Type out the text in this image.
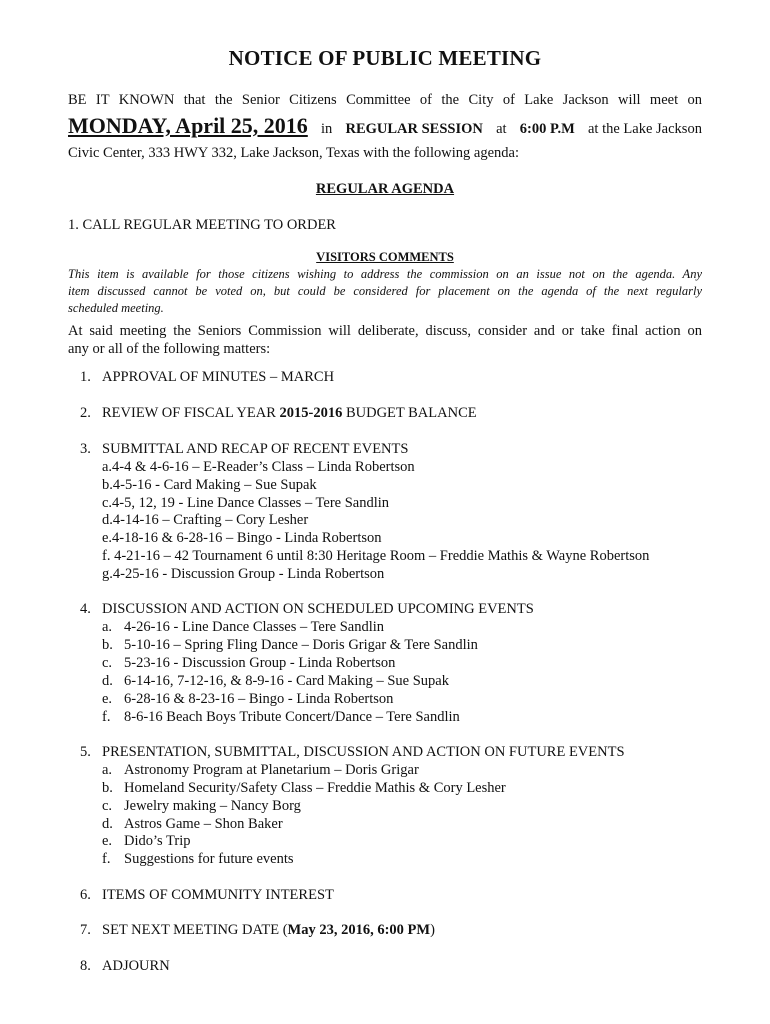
NOTICE OF PUBLIC MEETING
BE IT KNOWN that the Senior Citizens Committee of the City of Lake Jackson will meet on
MONDAY, April 25, 2016 in REGULAR SESSION at 6:00 P.M at the Lake Jackson
Civic Center, 333 HWY 332, Lake Jackson, Texas with the following agenda:
REGULAR AGENDA
1. CALL REGULAR MEETING TO ORDER
VISITORS COMMENTS
This item is available for those citizens wishing to address the commission on an issue not on the agenda. Any
item discussed cannot be voted on, but could be considered for placement on the agenda of the next regularly
scheduled meeting.
At said meeting the Seniors Commission will deliberate, discuss, consider and or take final action on
any or all of the following matters:
1. APPROVAL OF MINUTES – MARCH
2. REVIEW OF FISCAL YEAR 2015-2016 BUDGET BALANCE
3. SUBMITTAL AND RECAP OF RECENT EVENTS
a.4-4 & 4-6-16 – E-Reader’s Class – Linda Robertson
b.4-5-16 - Card Making – Sue Supak
c.4-5, 12, 19 - Line Dance Classes – Tere Sandlin
d.4-14-16 – Crafting – Cory Lesher
e.4-18-16 & 6-28-16 – Bingo - Linda Robertson
f. 4-21-16 – 42 Tournament 6 until 8:30 Heritage Room – Freddie Mathis & Wayne Robertson
g.4-25-16 - Discussion Group - Linda Robertson
4. DISCUSSION AND ACTION ON SCHEDULED UPCOMING EVENTS
a. 4-26-16 - Line Dance Classes – Tere Sandlin
b. 5-10-16 – Spring Fling Dance – Doris Grigar & Tere Sandlin
c. 5-23-16 - Discussion Group - Linda Robertson
d. 6-14-16, 7-12-16, & 8-9-16 - Card Making – Sue Supak
e. 6-28-16 & 8-23-16 – Bingo - Linda Robertson
f. 8-6-16 Beach Boys Tribute Concert/Dance – Tere Sandlin
5. PRESENTATION, SUBMITTAL, DISCUSSION AND ACTION ON FUTURE EVENTS
a. Astronomy Program at Planetarium – Doris Grigar
b. Homeland Security/Safety Class – Freddie Mathis & Cory Lesher
c. Jewelry making – Nancy Borg
d. Astros Game – Shon Baker
e. Dido’s Trip
f. Suggestions for future events
6. ITEMS OF COMMUNITY INTEREST
7. SET NEXT MEETING DATE (May 23, 2016, 6:00 PM)
8. ADJOURN
